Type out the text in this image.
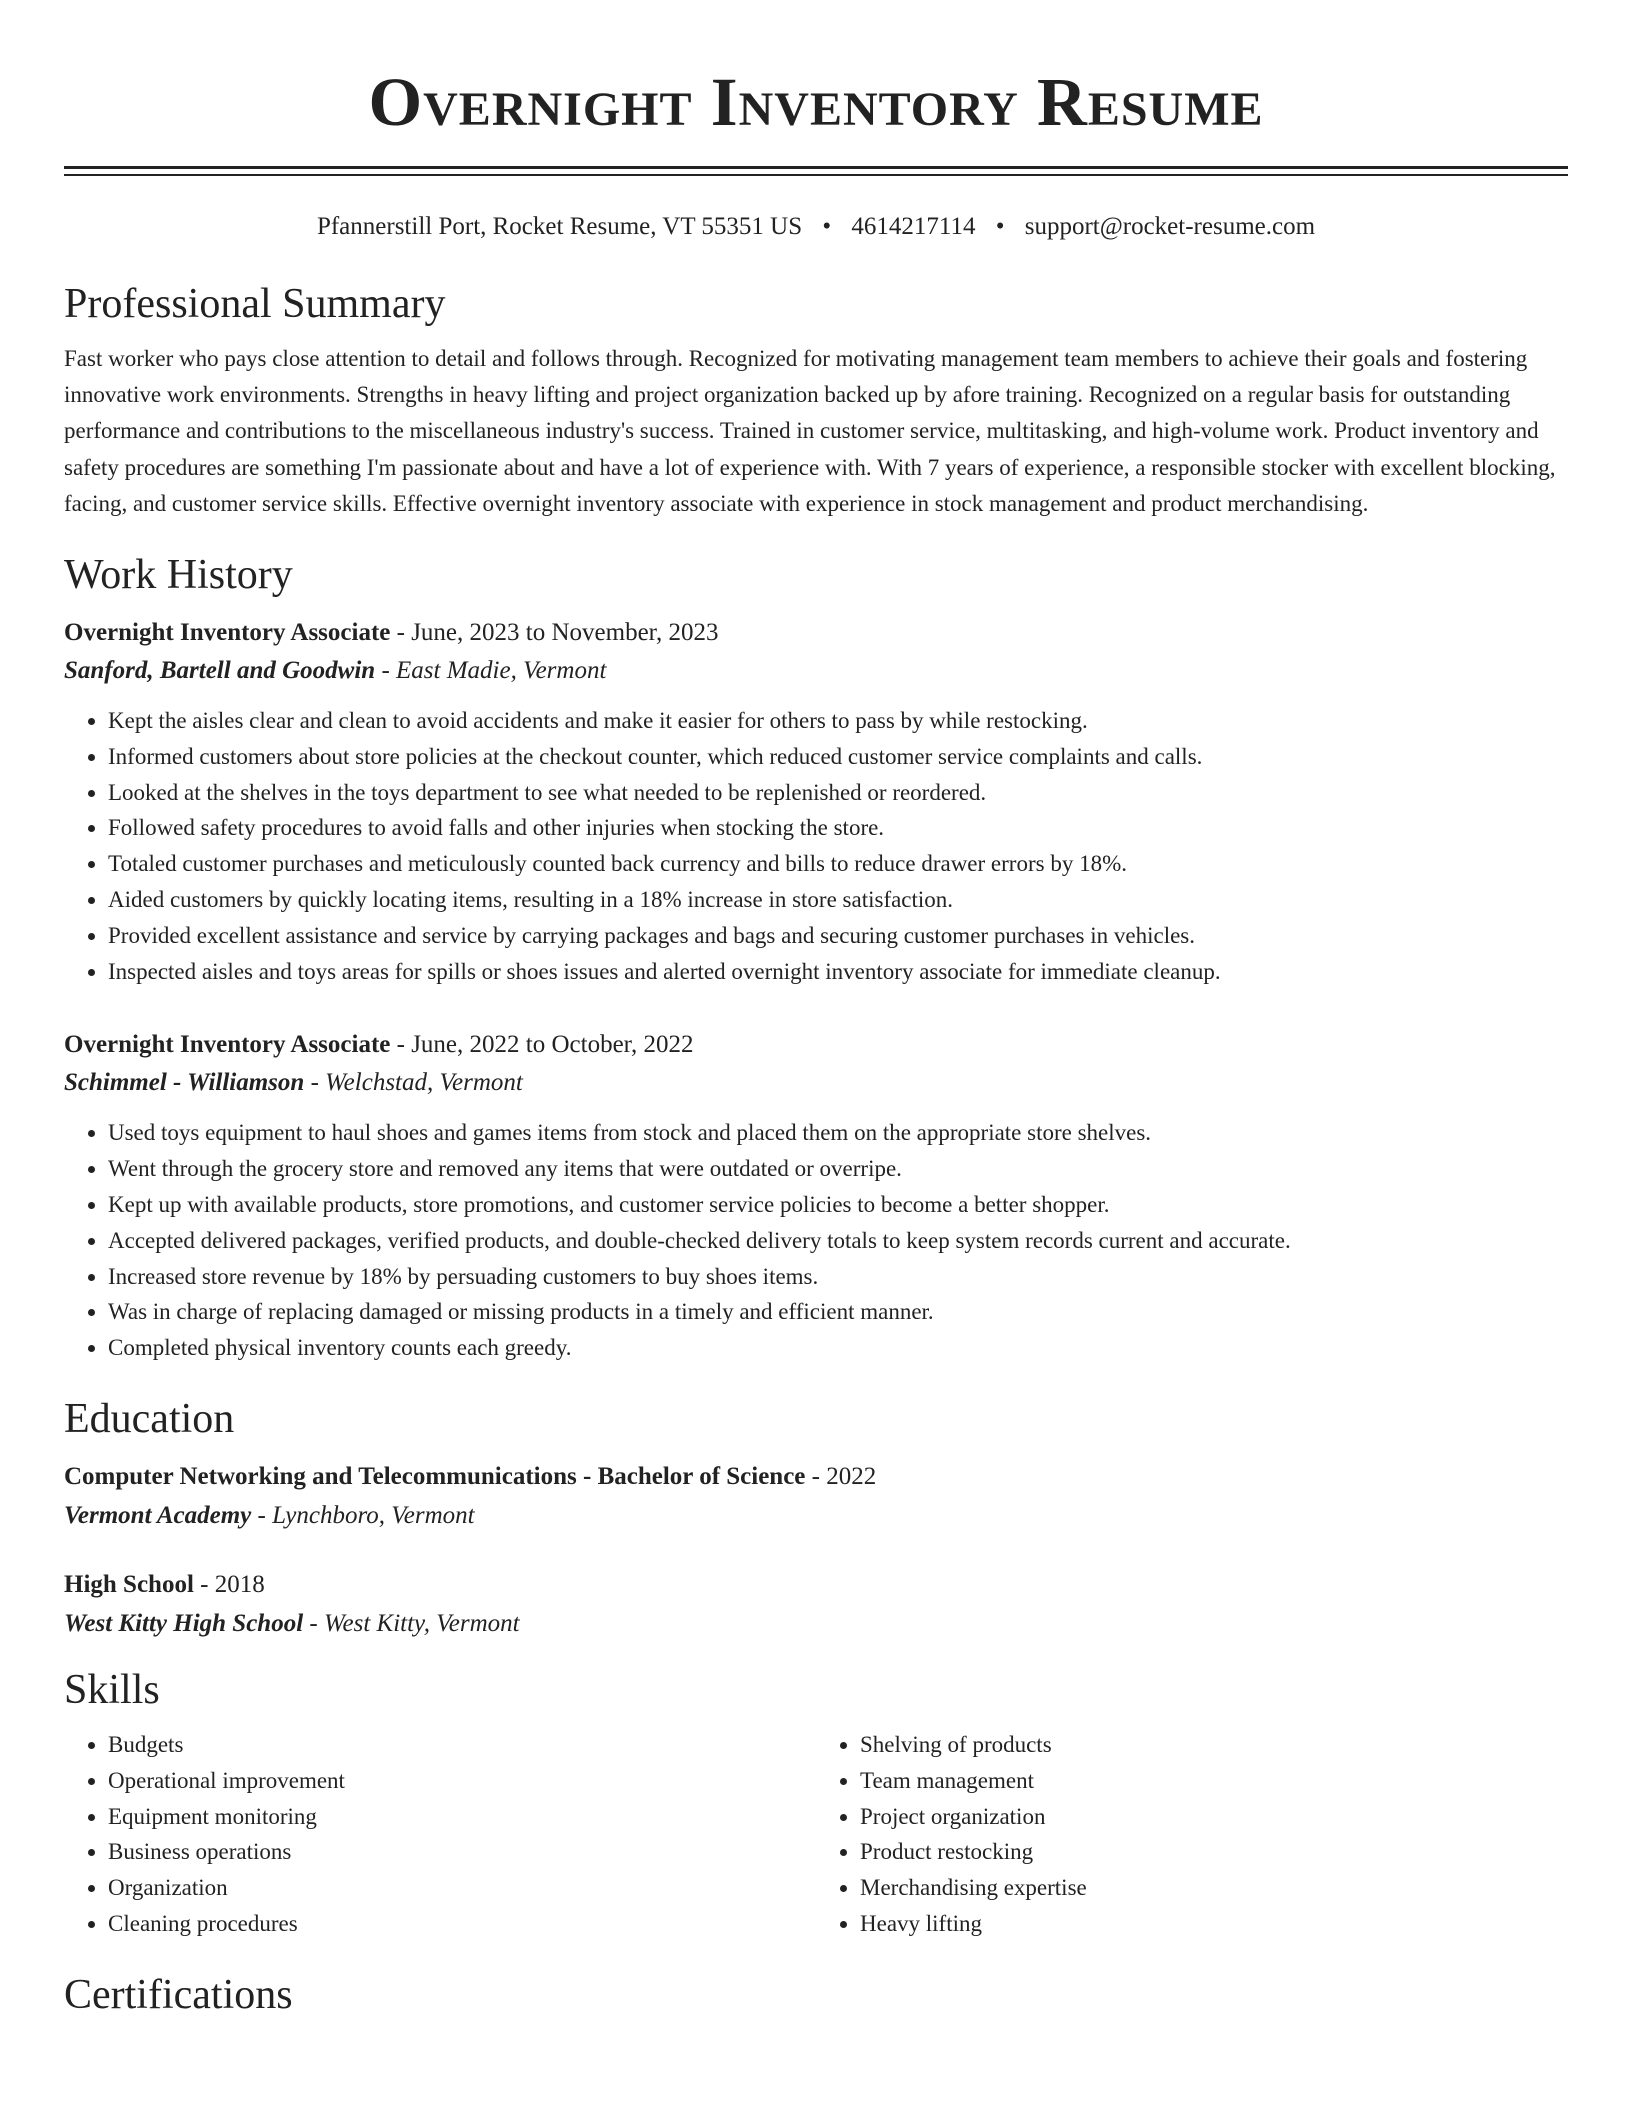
Overnight Inventory Resume
Pfannerstill Port, Rocket Resume, VT 55351 US • 4614217114 • support@rocket-resume.com
Professional Summary

Fast worker who pays close attention to detail and follows through. Recognized for motivating management team members to achieve their goals and fostering innovative work environments. Strengths in heavy lifting and project organization backed up by afore training. Recognized on a regular basis for outstanding performance and contributions to the miscellaneous industry's success. Trained in customer service, multitasking, and high-volume work. Product inventory and safety procedures are something I'm passionate about and have a lot of experience with. With 7 years of experience, a responsible stocker with excellent blocking, facing, and customer service skills. Effective overnight inventory associate with experience in stock management and product merchandising.

Work History
Overnight Inventory Associate - June, 2023 to November, 2023
Sanford, Bartell and Goodwin - East Madie, Vermont
• Kept the aisles clear and clean to avoid accidents and make it easier for others to pass by while restocking.
• Informed customers about store policies at the checkout counter, which reduced customer service complaints and calls.
• Looked at the shelves in the toys department to see what needed to be replenished or reordered.
• Followed safety procedures to avoid falls and other injuries when stocking the store.
• Totaled customer purchases and meticulously counted back currency and bills to reduce drawer errors by 18%.
• Aided customers by quickly locating items, resulting in a 18% increase in store satisfaction.
• Provided excellent assistance and service by carrying packages and bags and securing customer purchases in vehicles.
• Inspected aisles and toys areas for spills or shoes issues and alerted overnight inventory associate for immediate cleanup.
Overnight Inventory Associate - June, 2022 to October, 2022
Schimmel - Williamson - Welchstad, Vermont
• Used toys equipment to haul shoes and games items from stock and placed them on the appropriate store shelves.
• Went through the grocery store and removed any items that were outdated or overripe.
• Kept up with available products, store promotions, and customer service policies to become a better shopper.
• Accepted delivered packages, verified products, and double-checked delivery totals to keep system records current and accurate.
• Increased store revenue by 18% by persuading customers to buy shoes items.
• Was in charge of replacing damaged or missing products in a timely and efficient manner.
• Completed physical inventory counts each greedy.
Education
Computer Networking and Telecommunications - Bachelor of Science - 2022
Vermont Academy - Lynchboro, Vermont
High School - 2018
West Kitty High School - West Kitty, Vermont
Skills
• Budgets
• Operational improvement
• Equipment monitoring
• Business operations
• Organization
• Cleaning procedures
• Shelving of products
• Team management
• Project organization
• Product restocking
• Merchandising expertise
• Heavy lifting
Certifications
